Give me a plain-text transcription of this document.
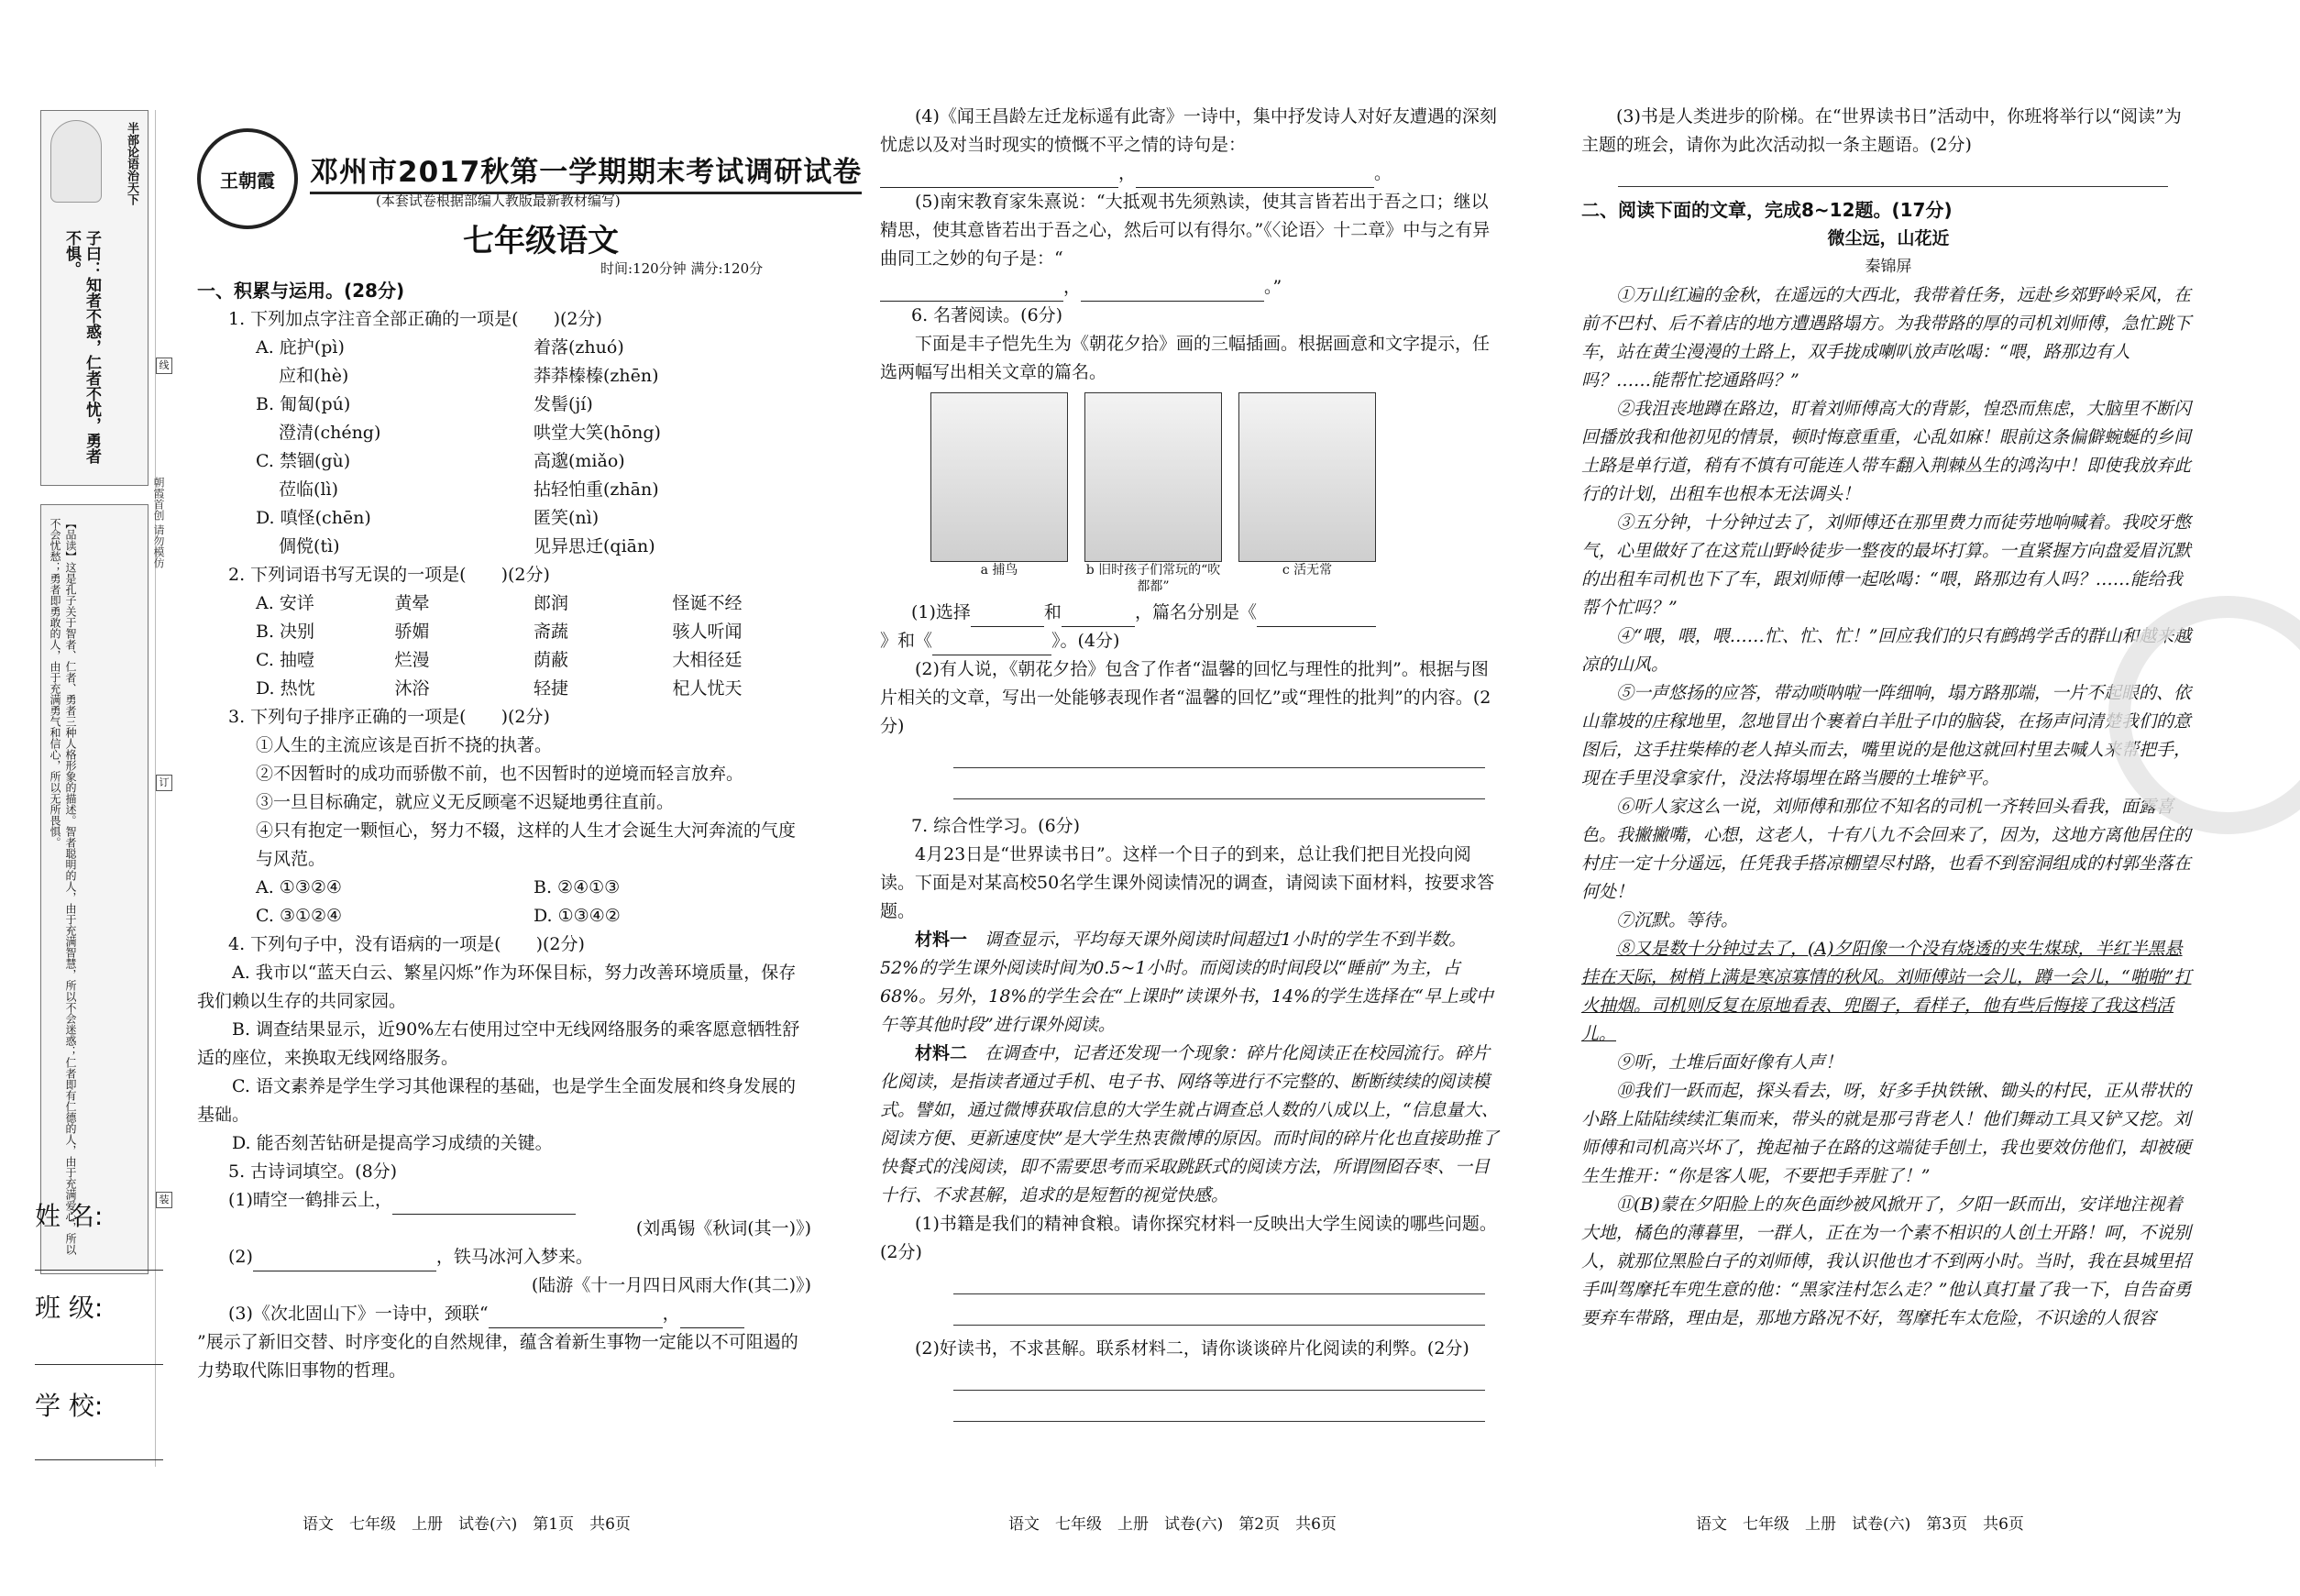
半部论语治天下
子曰：知者不惑，仁者不忧，勇者不惧。
【品读】这是孔子关于智者、仁者、勇者三种人格形象的描述。智者聪明的人，由于充满智慧，所以不会迷惑；仁者即有仁德的人，由于充满爱心，所以不会忧愁；勇者即勇敢的人，由于充满勇气和信心，所以无所畏惧。	朝霞首创 请勿模仿
线
订
装
姓 名:
班 级:
学 校:
王朝霞	邓州市2017秋第一学期期末考试调研试卷
(本套试卷根据部编人教版最新教材编写)
七年级语文
时间:120分钟 满分:120分
一、积累与运用。(28分)
1. 下列加点字注音全部正确的一项是(　　)(2分)
A. 庇护(pì)	着落(zhuó)
　 应和(hè)	莽莽榛榛(zhēn)
B. 匍匐(pú)	发髻(jí)
　 澄清(chéng)	哄堂大笑(hōng)
C. 禁锢(gù)	高邈(miǎo)
　 莅临(lì)	拈轻怕重(zhān)
D. 嗔怪(chēn)	匿笑(nì)
　 倜傥(tì)	见异思迁(qiān)
2. 下列词语书写无误的一项是(　　)(2分)
A. 安详	黄晕	郎润	怪诞不经
B. 决别	骄媚	斋蔬	骇人听闻
C. 抽噎	烂漫	荫蔽	大相径廷
D. 热忱	沐浴	轻捷	杞人忧天
3. 下列句子排序正确的一项是(　　)(2分)
①人生的主流应该是百折不挠的执著。
②不因暂时的成功而骄傲不前，也不因暂时的逆境而轻言放弃。
③一旦目标确定，就应义无反顾毫不迟疑地勇往直前。
④只有抱定一颗恒心，努力不辍，这样的人生才会诞生大河奔流的气度与风范。
A. ①③②④	B. ②④①③
C. ③①②④	D. ①③④②
4. 下列句子中，没有语病的一项是(　　)(2分)
A. 我市以“蓝天白云、繁星闪烁”作为环保目标，努力改善环境质量，保存我们赖以生存的共同家园。
B. 调查结果显示，近90%左右使用过空中无线网络服务的乘客愿意牺牲舒适的座位，来换取无线网络服务。
C. 语文素养是学生学习其他课程的基础，也是学生全面发展和终身发展的基础。
D. 能否刻苦钻研是提高学习成绩的关键。
5. 古诗词填空。(8分)
(1)晴空一鹤排云上，
(刘禹锡《秋词(其一)》)
(2)	，铁马冰河入梦来。
(陆游《十一月四日风雨大作(其二)》)
(3)《次北固山下》一诗中，颈联“	，
”展示了新旧交替、时序变化的自然规律，蕴含着新生事物一定能以不可阻遏的力势取代陈旧事物的哲理。
(4)《闻王昌龄左迁龙标遥有此寄》一诗中，集中抒发诗人对好友遭遇的深刻忧虑以及对当时现实的愤慨不平之情的诗句是：
，	。
(5)南宋教育家朱熹说：“大抵观书先须熟读，使其言皆若出于吾之口；继以精思，使其意皆若出于吾之心，然后可以有得尔。”《〈论语〉十二章》中与之有异曲同工之妙的句子是：“
，	。”
6. 名著阅读。(6分)
下面是丰子恺先生为《朝花夕拾》画的三幅插画。根据画意和文字提示，任选两幅写出相关文章的篇名。
a 捕鸟	b 旧时孩子们常玩的“吹都都”
c 活无常
(1)选择	和	，篇名分别是《
》和《	》。(4分)
(2)有人说，《朝花夕拾》包含了作者“温馨的回忆与理性的批判”。根据与图片相关的文章，写出一处能够表现作者“温馨的回忆”或“理性的批判”的内容。(2分)
7. 综合性学习。(6分)
4月23日是“世界读书日”。这样一个日子的到来，总让我们把目光投向阅读。下面是对某高校50名学生课外阅读情况的调查，请阅读下面材料，按要求答题。
材料一　 调查显示，平均每天课外阅读时间超过1小时的学生不到半数。52%的学生课外阅读时间为0.5~1小时。而阅读的时间段以“睡前”为主，占68%。另外，18%的学生会在“上课时”读课外书，14%的学生选择在“早上或中午等其他时段”进行课外阅读。
材料二　 在调查中，记者还发现一个现象：碎片化阅读正在校园流行。碎片化阅读，是指读者通过手机、电子书、网络等进行不完整的、断断续续的阅读模式。譬如，通过微博获取信息的大学生就占调查总人数的八成以上，“信息量大、阅读方便、更新速度快”是大学生热衷微博的原因。而时间的碎片化也直接助推了快餐式的浅阅读，即不需要思考而采取跳跃式的阅读方法，所谓囫囵吞枣、一目十行、不求甚解，追求的是短暂的视觉快感。
(1)书籍是我们的精神食粮。请你探究材料一反映出大学生阅读的哪些问题。(2分)
(2)好读书，不求甚解。联系材料二，请你谈谈碎片化阅读的利弊。(2分)
(3)书是人类进步的阶梯。在“世界读书日”活动中，你班将举行以“阅读”为主题的班会，请你为此次活动拟一条主题语。(2分)
二、阅读下面的文章，完成8~12题。(17分)
微尘远，山花近
秦锦屏
①万山红遍的金秋，在遥远的大西北，我带着任务，远赴乡郊野岭采风，在前不巴村、后不着店的地方遭遇路塌方。为我带路的厚的司机刘师傅，急忙跳下车，站在黄尘漫漫的土路上，双手拢成喇叭放声吆喝：“喂，路那边有人吗？……能帮忙挖通路吗？”
②我沮丧地蹲在路边，盯着刘师傅高大的背影，惶恐而焦虑，大脑里不断闪回播放我和他初见的情景，顿时悔意重重，心乱如麻！眼前这条偏僻蜿蜒的乡间土路是单行道，稍有不慎有可能连人带车翻入荆棘丛生的鸿沟中！即使我放弃此行的计划，出租车也根本无法调头！
③五分钟，十分钟过去了，刘师傅还在那里费力而徒劳地响喊着。我咬牙憋气，心里做好了在这荒山野岭徒步一整夜的最坏打算。一直紧握方向盘爱眉沉默的出租车司机也下了车，跟刘师傅一起吆喝：“喂，路那边有人吗？……能给我帮个忙吗？”
④“喂，喂，喂……忙、忙、忙！”回应我们的只有鹧鸪学舌的群山和越来越凉的山风。
⑤一声悠扬的应答，带动唢呐啦一阵细响，塌方路那端，一片不起眼的、依山靠坡的庄稼地里，忽地冒出个裹着白羊肚子巾的脑袋，在扬声问清楚我们的意图后，这手拄柴棒的老人掉头而去，嘴里说的是他这就回村里去喊人来帮把手，现在手里没拿家什，没法将塌埋在路当腰的土堆铲平。
⑥听人家这么一说，刘师傅和那位不知名的司机一齐转回头看我，面露喜色。我撇撇嘴，心想，这老人，十有八九不会回来了，因为，这地方离他居住的村庄一定十分遥远，任凭我手搭凉棚望尽村路，也看不到窑洞组成的村郭坐落在何处！
⑦沉默。等待。
⑧又是数十分钟过去了，(A)夕阳像一个没有烧透的夹生煤球，半红半黑悬挂在天际，树梢上满是寒凉寡情的秋风。刘师傅站一会儿，蹲一会儿，“啪啪”打火抽烟。司机则反复在原地看表、兜圈子，看样子，他有些后悔接了我这档活儿。
⑨听，土堆后面好像有人声！
⑩我们一跃而起，探头看去，呀，好多手执铁锹、锄头的村民，正从带状的小路上陆陆续续汇集而来，带头的就是那弓背老人！他们舞动工具又铲又挖。刘师傅和司机高兴坏了，挽起袖子在路的这端徒手刨土，我也要效仿他们，却被硬生生推开：“你是客人呢，不要把手弄脏了！”
⑪(B)蒙在夕阳脸上的灰色面纱被风掀开了，夕阳一跃而出，安详地注视着大地，橘色的薄暮里，一群人，正在为一个素不相识的人创土开路！呵，不说别人，就那位黑脸白子的刘师傅，我认识他也才不到两小时。当时，我在县城里招手叫驾摩托车兜生意的他：“黑家洼村怎么走？”他认真打量了我一下，自告奋勇要弃车带路，理由是，那地方路况不好，驾摩托车太危险，不识途的人很容
语文　七年级　上册　试卷(六)　第1页　共6页	语文　七年级　上册　试卷(六)　第2页　共6页	语文　七年级　上册　试卷(六)　第3页　共6页
